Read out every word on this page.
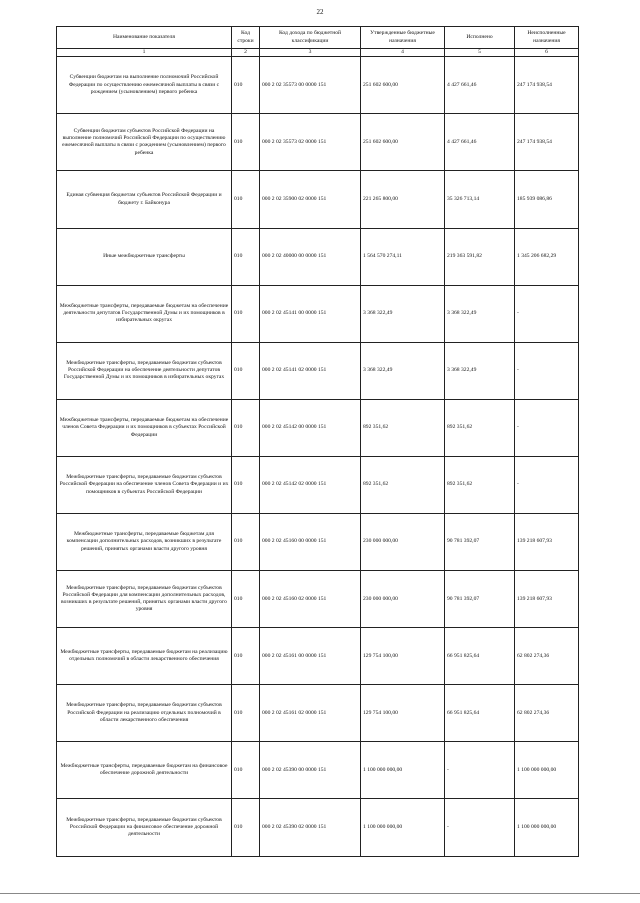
22
Наименование показателя	Код строки	Код дохода по бюджетной классификации	Утвержденные бюджетные назначения	Исполнено	Неисполненные назначения
1	2	3	4	5	6
Субвенции бюджетам на выполнение полномочий Российской Федерации по осуществлению ежемесячной выплаты в связи с рождением (усыновлением) первого ребенка	010	000 2 02 35573 00 0000 151	251 602 600,00	4 427 661,46	247 174 938,54
Субвенции бюджетам субъектов Российской Федерации на выполнение полномочий Российской Федерации по осуществлению ежемесячной выплаты в связи с рождением (усыновлением) первого ребенка	010	000 2 02 35573 02 0000 151	251 602 600,00	4 427 661,46	247 174 938,54
Единая субвенция бюджетам субъектов Российской Федерации и бюджету г. Байконура	010	000 2 02 35900 02 0000 151	221 265 800,00	35 326 713,14	185 939 086,86
Иные межбюджетные трансферты	010	000 2 02 40000 00 0000 151	1 564 570 274,11	219 363 591,82	1 345 206 682,29
Межбюджетные трансферты, передаваемые бюджетам на обеспечение деятельности депутатов Государственной Думы и их помощников в избирательных округах	010	000 2 02 45141 00 0000 151	3 368 322,49	3 368 322,49	-
Межбюджетные трансферты, передаваемые бюджетам субъектов Российской Федерации на обеспечение деятельности депутатов Государственной Думы и их помощников в избирательных округах	010	000 2 02 45141 02 0000 151	3 368 322,49	3 368 322,49	-
Межбюджетные трансферты, передаваемые бюджетам на обеспечение членов Совета Федерации и их помощников в субъектах Российской Федерации	010	000 2 02 45142 00 0000 151	892 351,62	892 351,62	-
Межбюджетные трансферты, передаваемые бюджетам субъектов Российской Федерации на обеспечение членов Совета Федерации и их помощников в субъектах Российской Федерации	010	000 2 02 45142 02 0000 151	892 351,62	892 351,62	-
Межбюджетные трансферты, передаваемые бюджетам для компенсации дополнительных расходов, возникших в результате решений, принятых органами власти другого уровня	010	000 2 02 45160 00 0000 151	230 000 000,00	90 781 392,07	139 218 607,93
Межбюджетные трансферты, передаваемые бюджетам субъектов Российской Федерации для компенсации дополнительных расходов, возникших в результате решений, принятых органами власти другого уровня	010	000 2 02 45160 02 0000 151	230 000 000,00	90 781 392,07	139 218 607,93
Межбюджетные трансферты, передаваемые бюджетам на реализацию отдельных полномочий в области лекарственного обеспечения	010	000 2 02 45161 00 0000 151	129 754 100,00	66 951 825,64	62 802 274,36
Межбюджетные трансферты, передаваемые бюджетам субъектов Российской Федерации на реализацию отдельных полномочий в области лекарственного обеспечения	010	000 2 02 45161 02 0000 151	129 754 100,00	66 951 825,64	62 802 274,36
Межбюджетные трансферты, передаваемые бюджетам на финансовое обеспечение дорожной деятельности	010	000 2 02 45390 00 0000 151	1 100 000 000,00	-	1 100 000 000,00
Межбюджетные трансферты, передаваемые бюджетам субъектов Российской Федерации на финансовое обеспечение дорожной деятельности	010	000 2 02 45390 02 0000 151	1 100 000 000,00	-	1 100 000 000,00
